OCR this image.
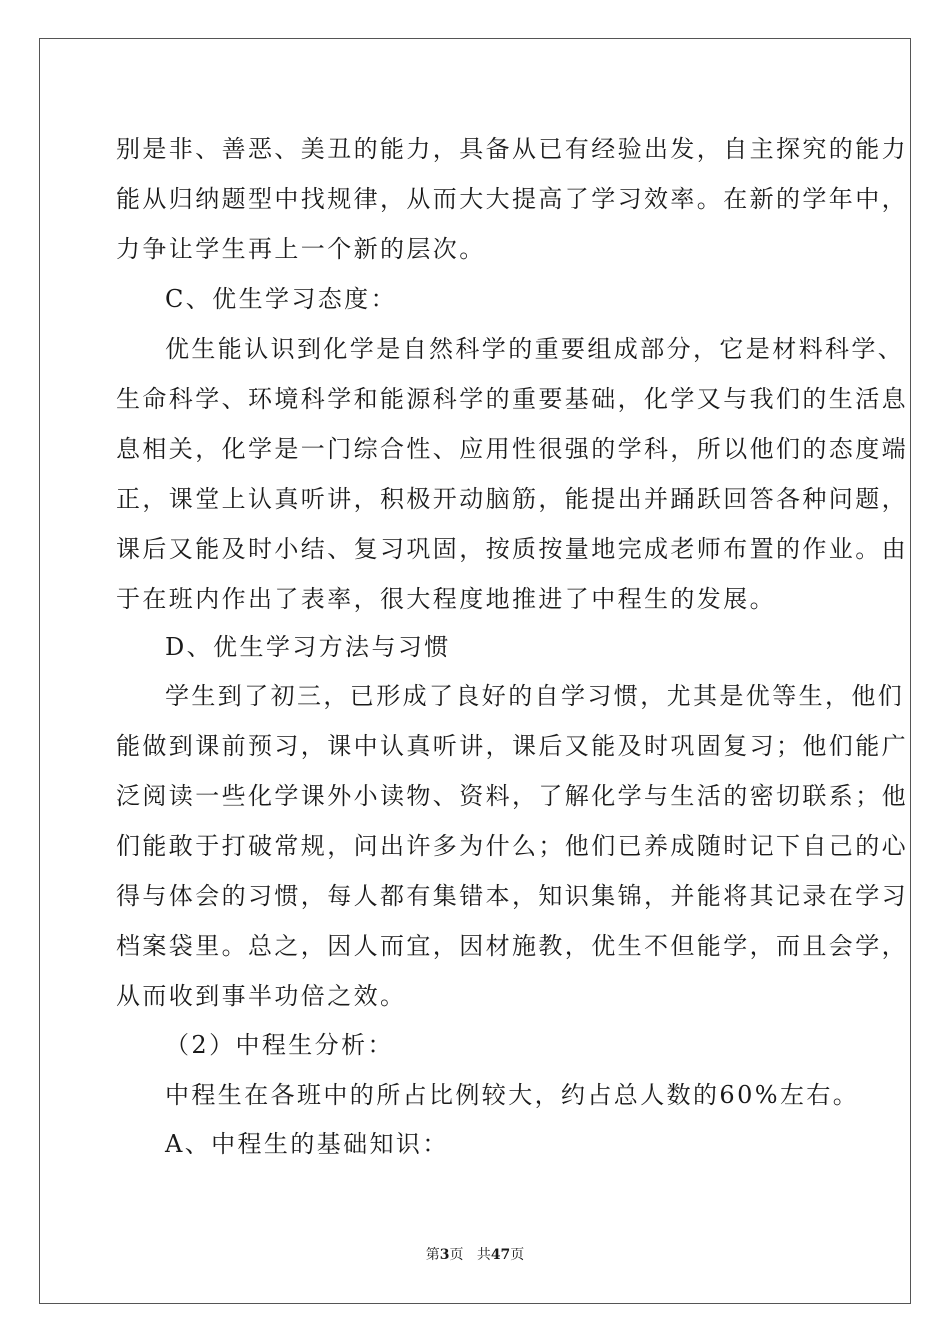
别是非、善恶、美丑的能力，具备从已有经验出发，自主探究的能力
能从归纳题型中找规律，从而大大提高了学习效率。在新的学年中，
力争让学生再上一个新的层次。
C、优生学习态度：
优生能认识到化学是自然科学的重要组成部分，它是材料科学、
生命科学、环境科学和能源科学的重要基础，化学又与我们的生活息
息相关，化学是一门综合性、应用性很强的学科，所以他们的态度端
正，课堂上认真听讲，积极开动脑筋，能提出并踊跃回答各种问题，
课后又能及时小结、复习巩固，按质按量地完成老师布置的作业。由
于在班内作出了表率，很大程度地推进了中程生的发展。
D、优生学习方法与习惯
学生到了初三，已形成了良好的自学习惯，尤其是优等生，他们
能做到课前预习，课中认真听讲，课后又能及时巩固复习；他们能广
泛阅读一些化学课外小读物、资料，了解化学与生活的密切联系；他
们能敢于打破常规，问出许多为什么；他们已养成随时记下自己的心
得与体会的习惯，每人都有集错本，知识集锦，并能将其记录在学习
档案袋里。总之，因人而宜，因材施教，优生不但能学，而且会学，
从而收到事半功倍之效。
（2）中程生分析：
中程生在各班中的所占比例较大，约占总人数的60%左右。
A、中程生的基础知识：
第3页 共47页
